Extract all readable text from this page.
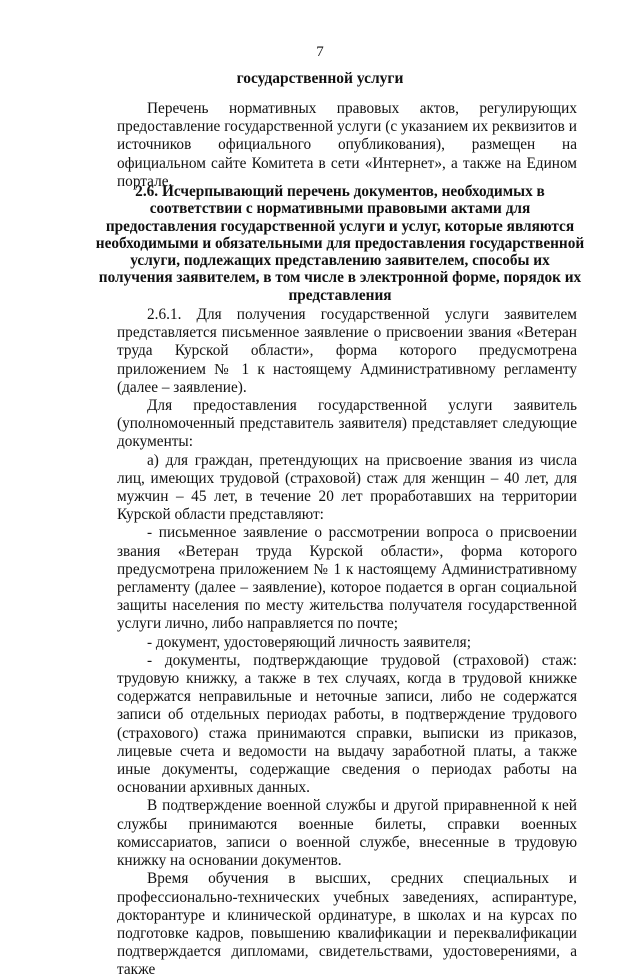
7
государственной услуги

Перечень нормативных правовых актов, регулирующих предоставление государственной услуги (с указанием их реквизитов и источников официального опубликования), размещен на официальном сайте Комитета в сети «Интернет», а также на Едином портале.

2.6. Исчерпывающий перечень документов, необходимых в соответствии с нормативными правовыми актами для предоставления государственной услуги и услуг, которые являются необходимыми и обязательными для предоставления государственной услуги, подлежащих представлению заявителем, способы их получения заявителем, в том числе в электронной форме, порядок их представления

2.6.1. Для получения государственной услуги заявителем представляется письменное заявление о присвоении звания «Ветеран труда Курской области», форма которого предусмотрена приложением № 1 к настоящему Административному регламенту (далее – заявление).

Для предоставления государственной услуги заявитель (уполномоченный представитель заявителя) представляет следующие документы:

а) для граждан, претендующих на присвоение звания из числа лиц, имеющих трудовой (страховой) стаж для женщин – 40 лет, для мужчин – 45 лет, в течение 20 лет проработавших на территории Курской области представляют:

- письменное заявление о рассмотрении вопроса о присвоении звания «Ветеран труда Курской области», форма которого предусмотрена приложением № 1 к настоящему Административному регламенту (далее – заявление), которое подается в орган социальной защиты населения по месту жительства получателя государственной услуги лично, либо направляется по почте;

- документ, удостоверяющий личность заявителя;

- документы, подтверждающие трудовой (страховой) стаж: трудовую книжку, а также в тех случаях, когда в трудовой книжке содержатся неправильные и неточные записи, либо не содержатся записи об отдельных периодах работы, в подтверждение трудового (страхового) стажа принимаются справки, выписки из приказов, лицевые счета и ведомости на выдачу заработной платы, а также иные документы, содержащие сведения о периодах работы на основании архивных данных.

В подтверждение военной службы и другой приравненной к ней службы принимаются военные билеты, справки военных комиссариатов, записи о военной службе, внесенные в трудовую книжку на основании документов.

Время обучения в высших, средних специальных и профессионально-технических учебных заведениях, аспирантуре, докторантуре и клинической ординатуре, в школах и на курсах по подготовке кадров, повышению квалификации и переквалификации подтверждается дипломами, свидетельствами, удостоверениями, а также
